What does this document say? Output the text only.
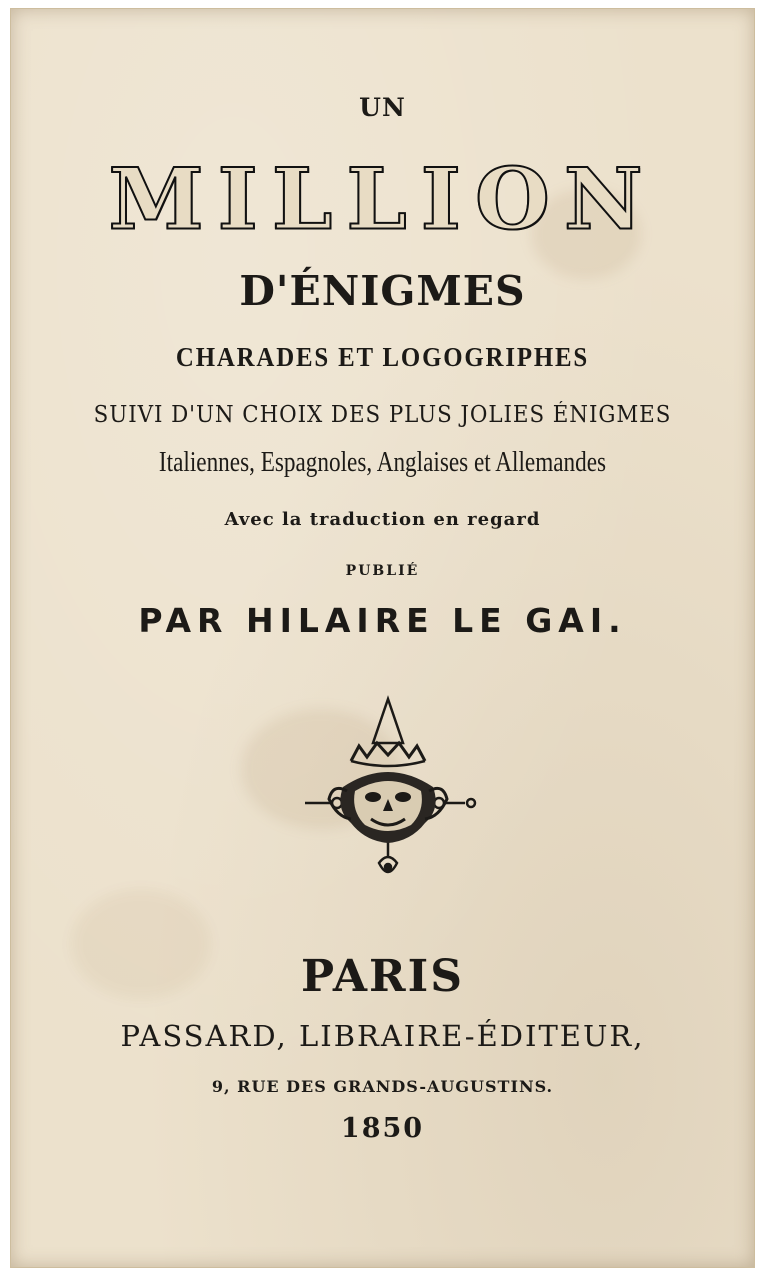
UN
MILLION
D'ÉNIGMES
CHARADES ET LOGOGRIPHES
SUIVI D'UN CHOIX DES PLUS JOLIES ÉNIGMES
Italiennes, Espagnoles, Anglaises et Allemandes
Avec la traduction en regard
PUBLIÉ
PAR HILAIRE LE GAI.
PARIS
PASSARD, LIBRAIRE-ÉDITEUR,
9, RUE DES GRANDS-AUGUSTINS.
1850
